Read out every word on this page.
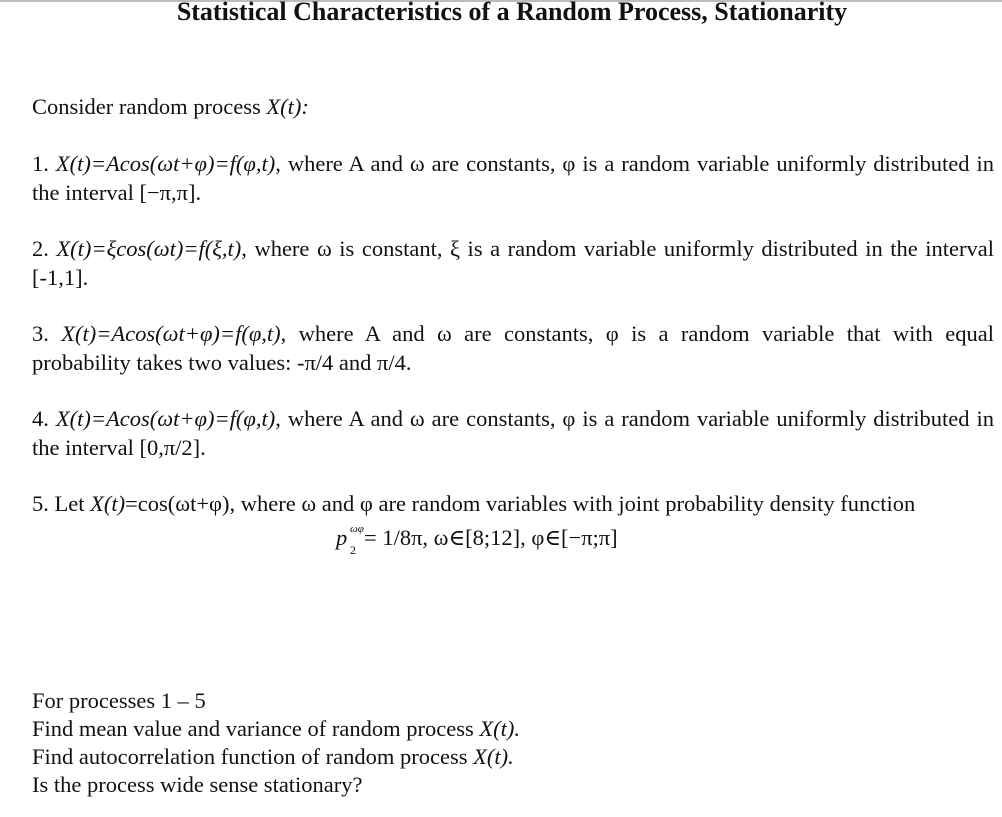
Statistical Characteristics of a Random Process, Stationarity

Consider random process X(t):

1. X(t)=Acos(ωt+φ)=f(φ,t), where A and ω are constants, φ is a random variable uniformly distributed in the interval [−π,π].

2. X(t)=ξcos(ωt)=f(ξ,t), where ω is constant, ξ is a random variable uniformly distributed in the interval [-1,1].

3. X(t)=Acos(ωt+φ)=f(φ,t), where A and ω are constants, φ is a random variable that with equal probability takes two values: -π/4 and π/4.

4. X(t)=Acos(ωt+φ)=f(φ,t), where A and ω are constants, φ is a random variable uniformly distributed in the interval [0,π/2].

5. Let X(t)=cos(ωt+φ), where ω and φ are random variables with joint probability density function

p ωφ
2 = 1/8π, ω∈[8;12], φ∈[−π;π]
For processes 1 – 5
Find mean value and variance of random process X(t).
Find autocorrelation function of random process X(t).
Is the process wide sense stationary?
